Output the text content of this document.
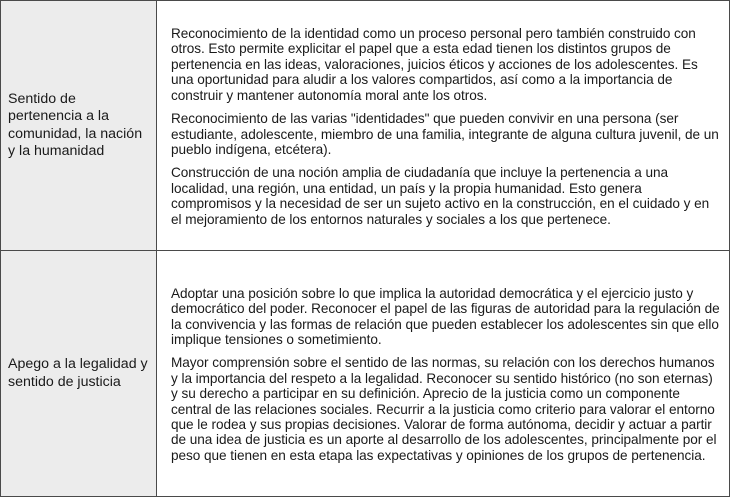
Sentido de pertenencia a la comunidad, la nación y la humanidad	Reconocimiento de la identidad como un proceso personal pero también construido con otros. Esto permite explicitar el papel que a esta edad tienen los distintos grupos de pertenencia en las ideas, valoraciones, juicios éticos y acciones de los adolescentes. Es una oportunidad para aludir a los valores compartidos, así como a la importancia de construir y mantener autonomía moral ante los otros.

Reconocimiento de las varias "identidades" que pueden convivir en una persona (ser estudiante, adolescente, miembro de una familia, integrante de alguna cultura juvenil, de un pueblo indígena, etcétera).

Construcción de una noción amplia de ciudadanía que incluye la pertenencia a una localidad, una región, una entidad, un país y la propia humanidad. Esto genera compromisos y la necesidad de ser un sujeto activo en la construcción, en el cuidado y en el mejoramiento de los entornos naturales y sociales a los que pertenece.

Apego a la legalidad y sentido de justicia	Adoptar una posición sobre lo que implica la autoridad democrática y el ejercicio justo y democrático del poder. Reconocer el papel de las figuras de autoridad para la regulación de la convivencia y las formas de relación que pueden establecer los adolescentes sin que ello implique tensiones o sometimiento.

Mayor comprensión sobre el sentido de las normas, su relación con los derechos humanos y la importancia del respeto a la legalidad. Reconocer su sentido histórico (no son eternas) y su derecho a participar en su definición. Aprecio de la justicia como un componente central de las relaciones sociales. Recurrir a la justicia como criterio para valorar el entorno que le rodea y sus propias decisiones. Valorar de forma autónoma, decidir y actuar a partir de una idea de justicia es un aporte al desarrollo de los adolescentes, principalmente por el peso que tienen en esta etapa las expectativas y opiniones de los grupos de pertenencia.
